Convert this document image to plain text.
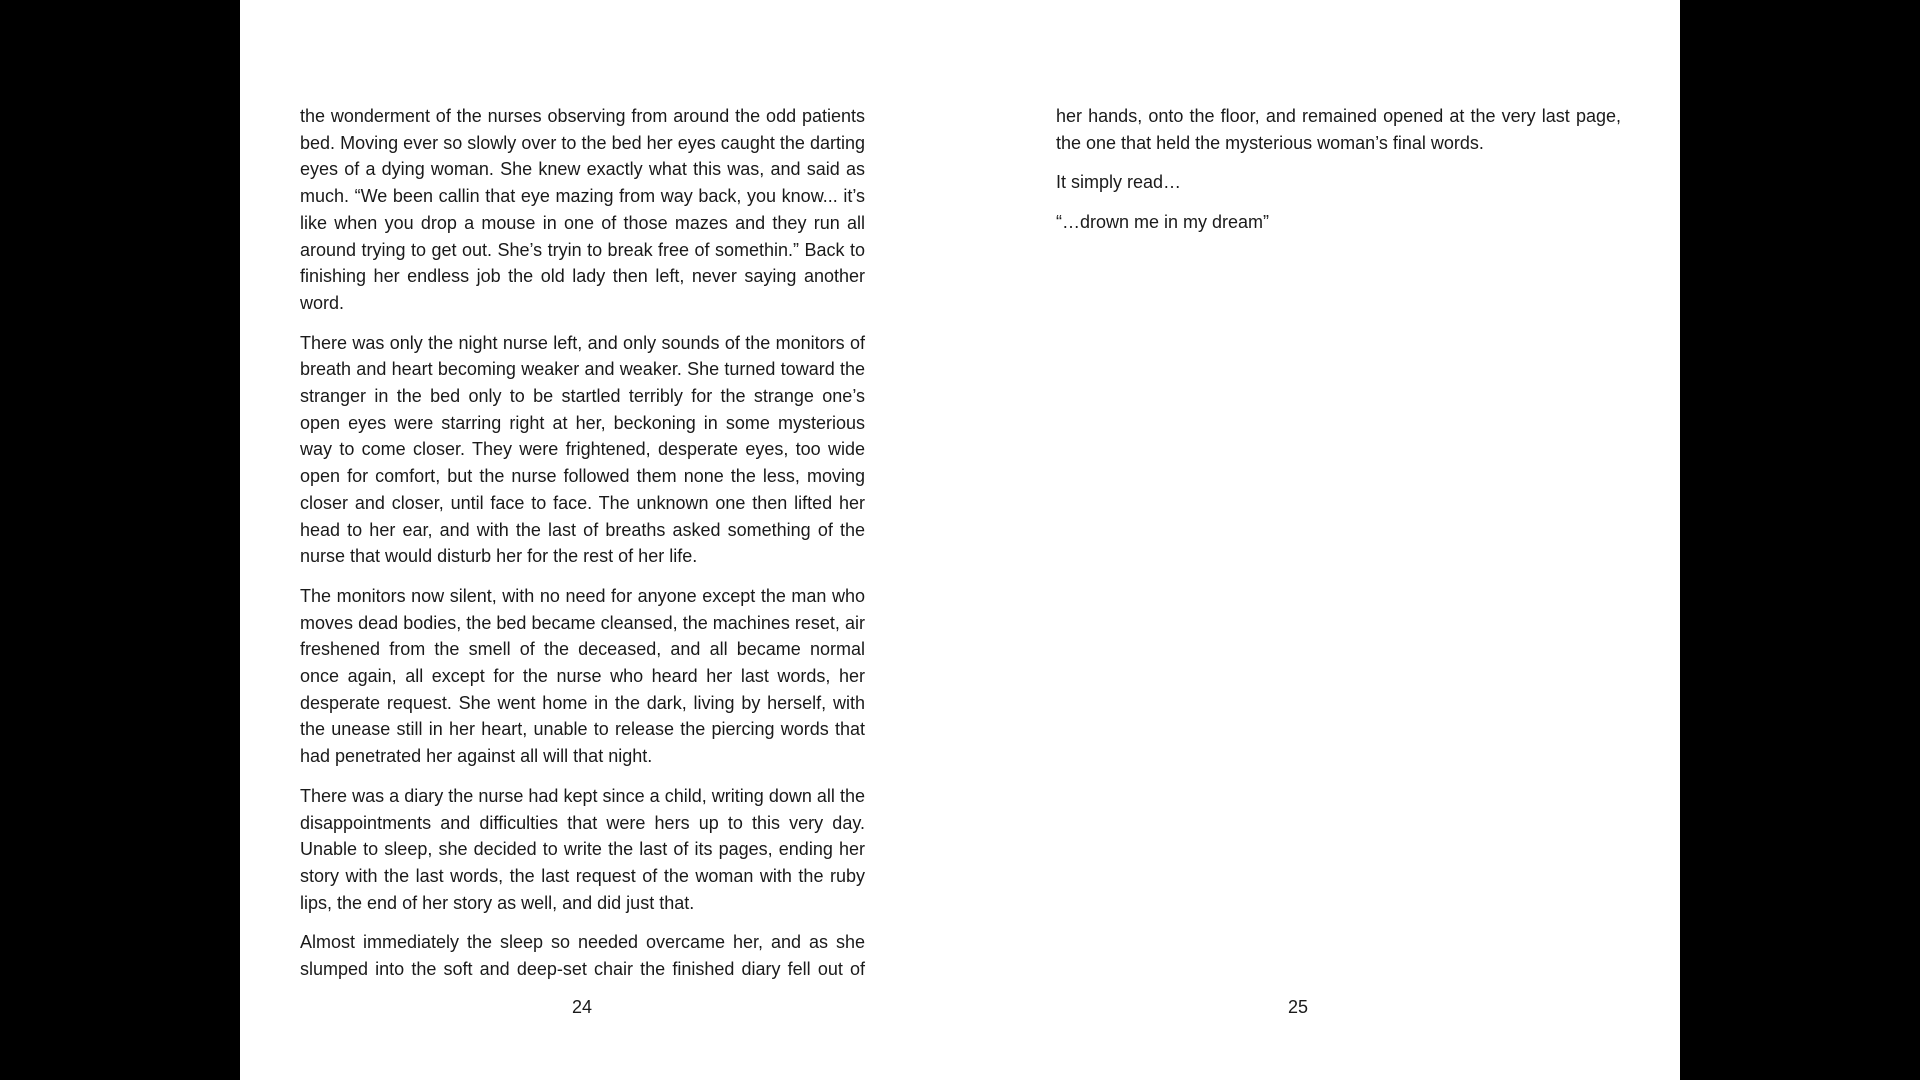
the wonderment of the nurses observing from around the odd patients bed. Moving ever so slowly over to the bed her eyes caught the darting eyes of a dying woman. She knew exactly what this was, and said as much. “We been callin that eye mazing from way back, you know... it’s like when you drop a mouse in one of those mazes and they run all around trying to get out. She’s tryin to break free of somethin.” Back to finishing her endless job the old lady then left, never saying another word.

There was only the night nurse left, and only sounds of the monitors of breath and heart becoming weaker and weaker. She turned toward the stranger in the bed only to be startled terribly for the strange one’s open eyes were starring right at her, beckoning in some mysterious way to come closer. They were frightened, desperate eyes, too wide open for comfort, but the nurse followed them none the less, moving closer and closer, until face to face. The unknown one then lifted her head to her ear, and with the last of breaths asked something of the nurse that would disturb her for the rest of her life.

The monitors now silent, with no need for anyone except the man who moves dead bodies, the bed became cleansed, the machines reset, air freshened from the smell of the deceased, and all became normal once again, all except for the nurse who heard her last words, her desperate request. She went home in the dark, living by herself, with the unease still in her heart, unable to release the piercing words that had penetrated her against all will that night.

There was a diary the nurse had kept since a child, writing down all the disappointments and difficulties that were hers up to this very day. Unable to sleep, she decided to write the last of its pages, ending her story with the last words, the last request of the woman with the ruby lips, the end of her story as well, and did just that.

Almost immediately the sleep so needed overcame her, and as she slumped into the soft and deep-set chair the finished diary fell out of

24

her hands, onto the floor, and remained opened at the very last page, the one that held the mysterious woman’s final words.

It simply read…

“…drown me in my dream”

25
